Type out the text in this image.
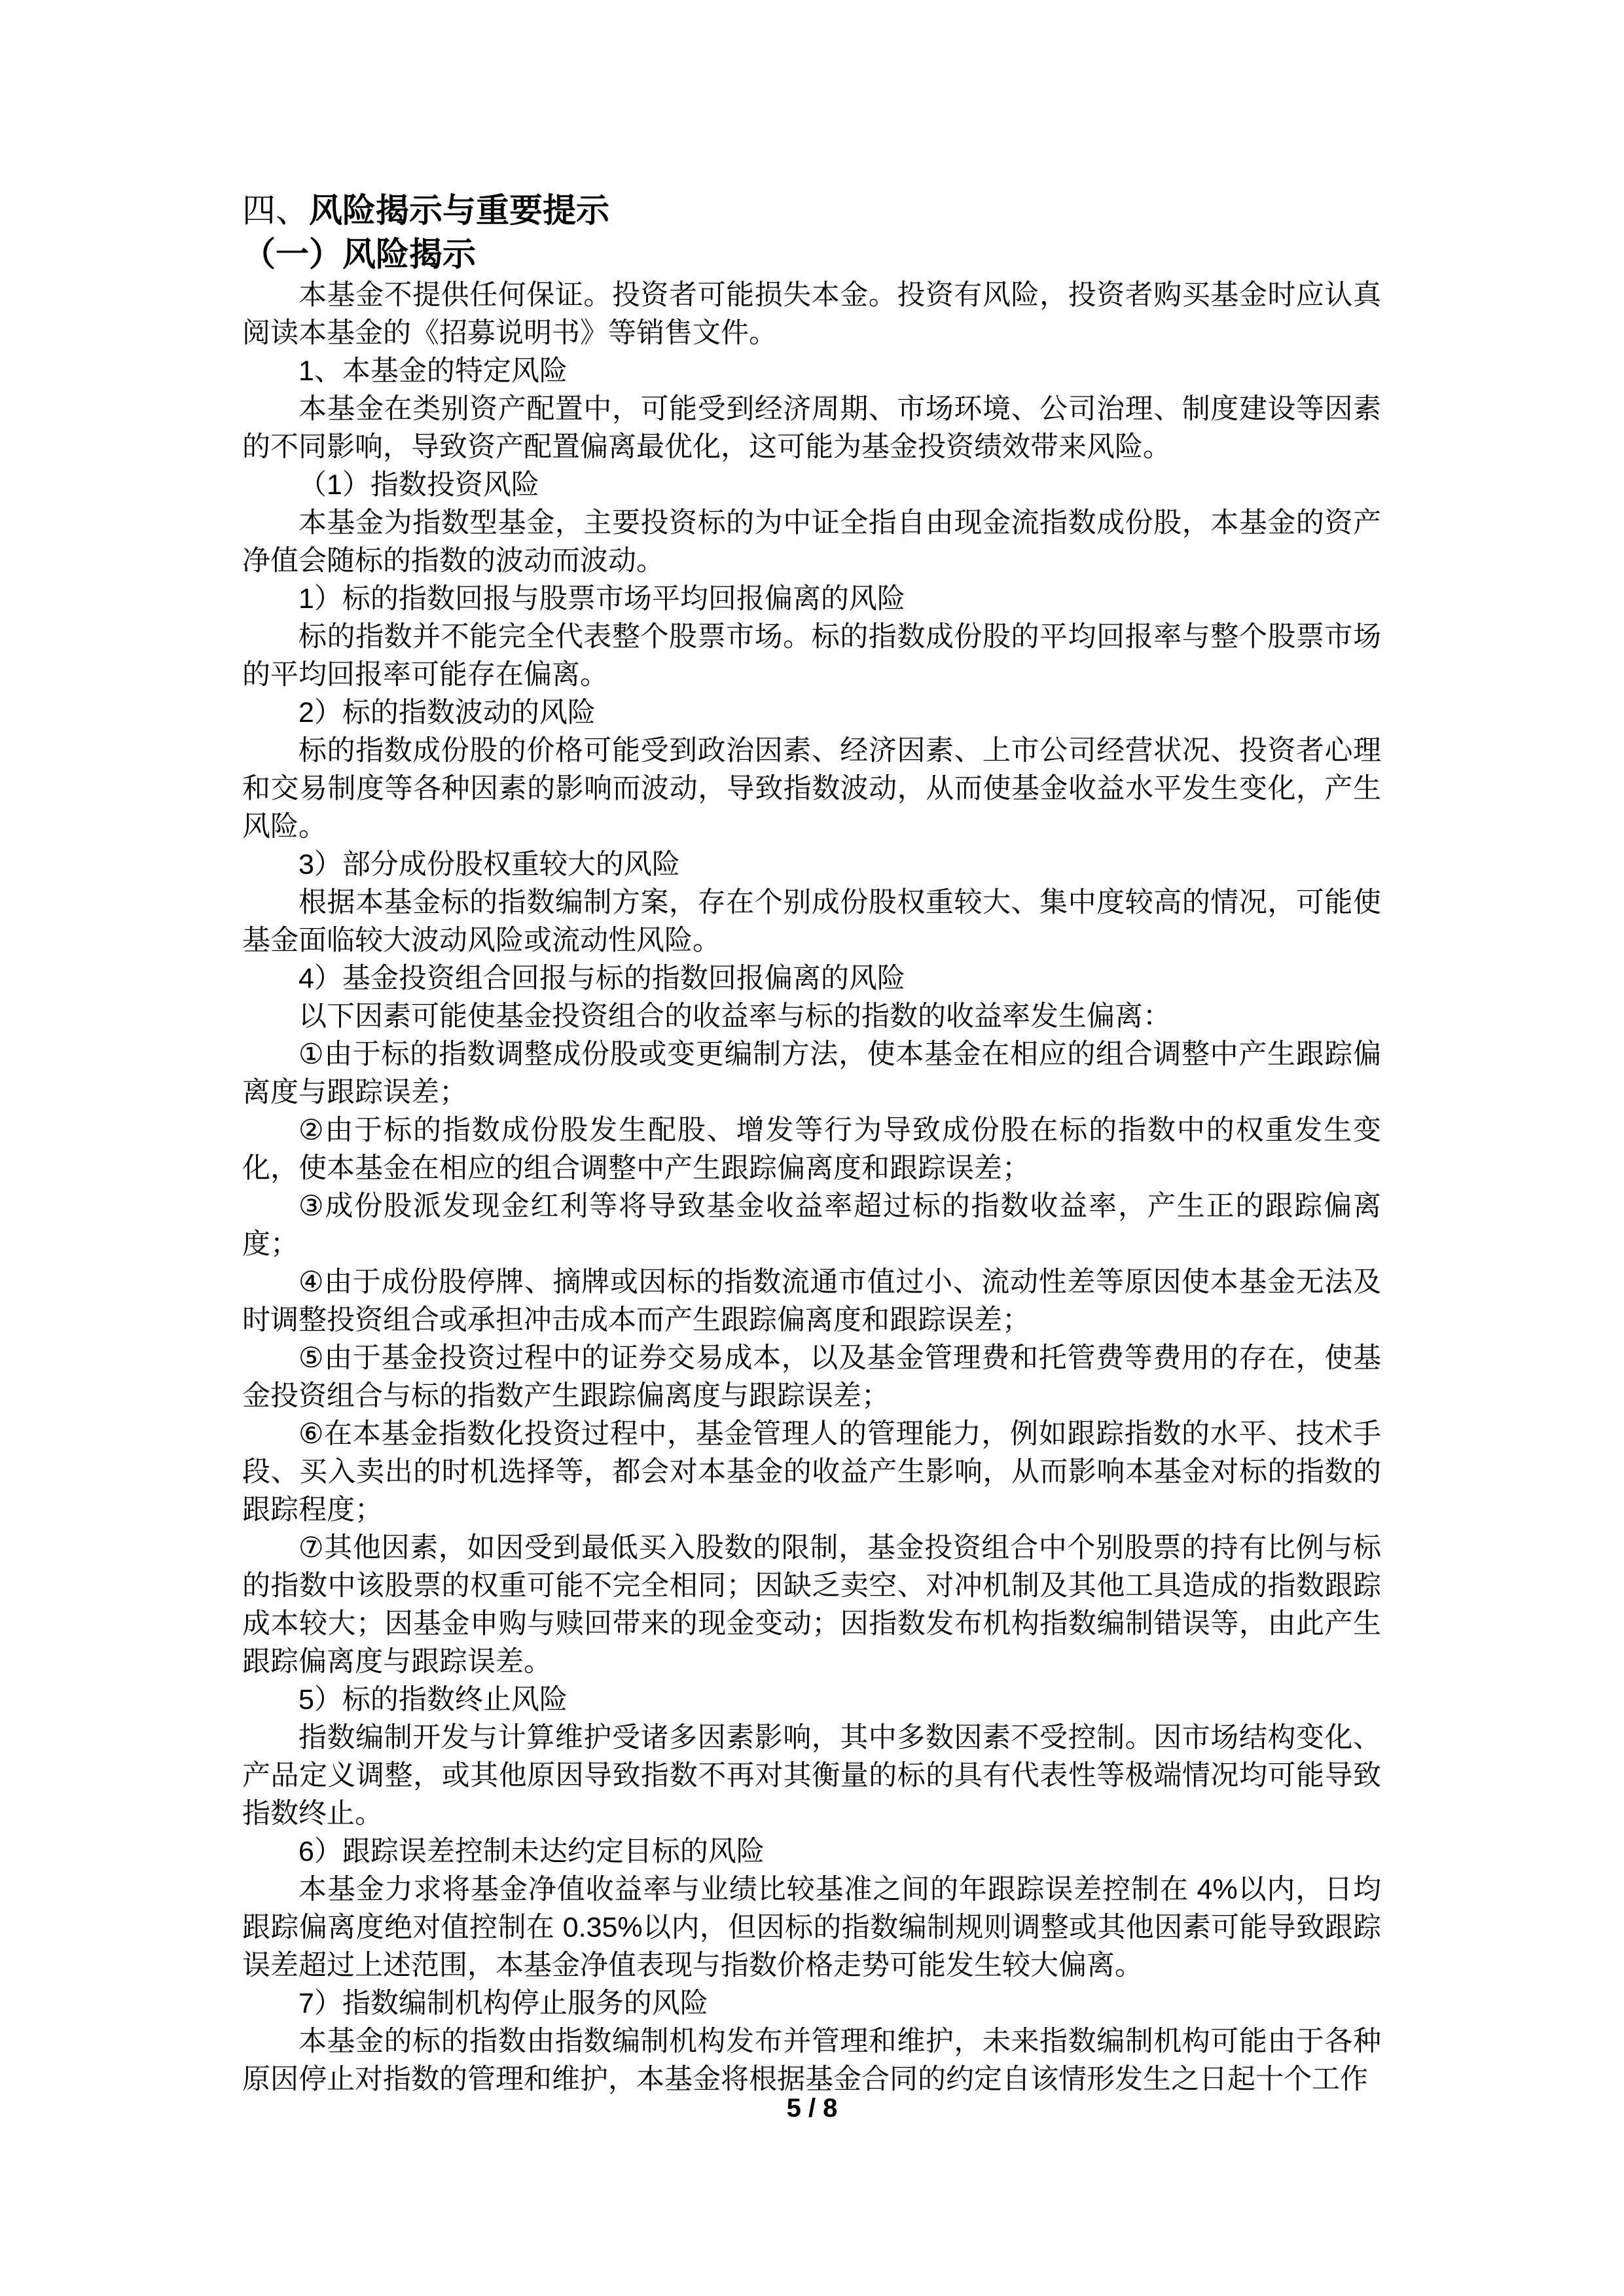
四、风险揭示与重要提示
（一）风险揭示

本基金不提供任何保证。投资者可能损失本金。投资有风险，投资者购买基金时应认真阅读本基金的《招募说明书》等销售文件。

1、本基金的特定风险

本基金在类别资产配置中，可能受到经济周期、市场环境、公司治理、制度建设等因素的不同影响，导致资产配置偏离最优化，这可能为基金投资绩效带来风险。

（1）指数投资风险

本基金为指数型基金，主要投资标的为中证全指自由现金流指数成份股，本基金的资产净值会随标的指数的波动而波动。

1）标的指数回报与股票市场平均回报偏离的风险

标的指数并不能完全代表整个股票市场。标的指数成份股的平均回报率与整个股票市场的平均回报率可能存在偏离。

2）标的指数波动的风险

标的指数成份股的价格可能受到政治因素、经济因素、上市公司经营状况、投资者心理和交易制度等各种因素的影响而波动，导致指数波动，从而使基金收益水平发生变化，产生风险。

3）部分成份股权重较大的风险

根据本基金标的指数编制方案，存在个别成份股权重较大、集中度较高的情况，可能使基金面临较大波动风险或流动性风险。

4）基金投资组合回报与标的指数回报偏离的风险

以下因素可能使基金投资组合的收益率与标的指数的收益率发生偏离：

①由于标的指数调整成份股或变更编制方法，使本基金在相应的组合调整中产生跟踪偏离度与跟踪误差；

②由于标的指数成份股发生配股、增发等行为导致成份股在标的指数中的权重发生变化，使本基金在相应的组合调整中产生跟踪偏离度和跟踪误差；

③成份股派发现金红利等将导致基金收益率超过标的指数收益率，产生正的跟踪偏离度；

④由于成份股停牌、摘牌或因标的指数流通市值过小、流动性差等原因使本基金无法及时调整投资组合或承担冲击成本而产生跟踪偏离度和跟踪误差；

⑤由于基金投资过程中的证券交易成本，以及基金管理费和托管费等费用的存在，使基金投资组合与标的指数产生跟踪偏离度与跟踪误差；

⑥在本基金指数化投资过程中，基金管理人的管理能力，例如跟踪指数的水平、技术手段、买入卖出的时机选择等，都会对本基金的收益产生影响，从而影响本基金对标的指数的跟踪程度；

⑦其他因素，如因受到最低买入股数的限制，基金投资组合中个别股票的持有比例与标的指数中该股票的权重可能不完全相同；因缺乏卖空、对冲机制及其他工具造成的指数跟踪成本较大；因基金申购与赎回带来的现金变动；因指数发布机构指数编制错误等，由此产生跟踪偏离度与跟踪误差。

5）标的指数终止风险

指数编制开发与计算维护受诸多因素影响，其中多数因素不受控制。因市场结构变化、产品定义调整，或其他原因导致指数不再对其衡量的标的具有代表性等极端情况均可能导致指数终止。

6）跟踪误差控制未达约定目标的风险

本基金力求将基金净值收益率与业绩比较基准之间的年跟踪误差控制在 4%以内，日均跟踪偏离度绝对值控制在 0.35%以内，但因标的指数编制规则调整或其他因素可能导致跟踪误差超过上述范围，本基金净值表现与指数价格走势可能发生较大偏离。

7）指数编制机构停止服务的风险

本基金的标的指数由指数编制机构发布并管理和维护，未来指数编制机构可能由于各种原因停止对指数的管理和维护，本基金将根据基金合同的约定自该情形发生之日起十个工作

5 / 8
